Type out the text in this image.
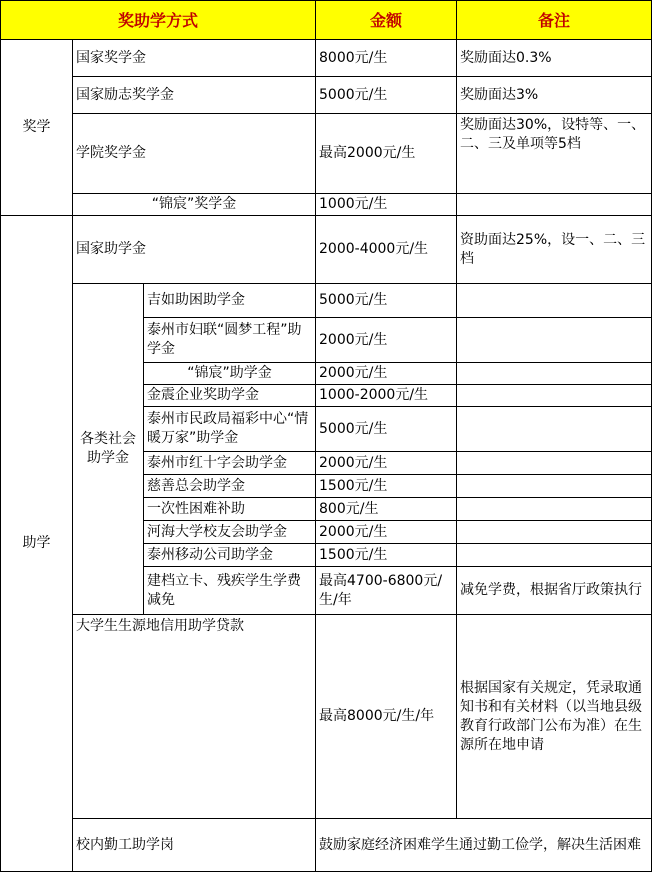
奖助学方式			金额	备注
奖学	国家奖学金		8000元/生	奖励面达0.3%
	国家励志奖学金		5000元/生	奖励面达3%
	学院奖学金		最高2000元/生	奖励面达30%，设特等、一、二、三及单项等5档
	“锦宸”奖学金		1000元/生	
助学	国家助学金		2000-4000元/生	资助面达25%，设一、二、三档
	各类社会助学金	吉如助困助学金	5000元/生	
		泰州市妇联“圆梦工程”助学金	2000元/生	
		“锦宸”助学金	2000元/生	
		金震企业奖助学金	1000-2000元/生	
		泰州市民政局福彩中心“情暖万家”助学金	5000元/生	
		泰州市红十字会助学金	2000元/生	
		慈善总会助学金	1500元/生	
		一次性困难补助	800元/生	
		河海大学校友会助学金	2000元/生	
		泰州移动公司助学金	1500元/生	
		建档立卡、残疾学生学费减免	最高4700-6800元/生/年	减免学费，根据省厅政策执行
	大学生生源地信用助学贷款		最高8000元/生/年	根据国家有关规定，凭录取通知书和有关材料（以当地县级教育行政部门公布为准）在生源所在地申请
	校内勤工助学岗		鼓励家庭经济困难学生通过勤工俭学，解决生活困难	
